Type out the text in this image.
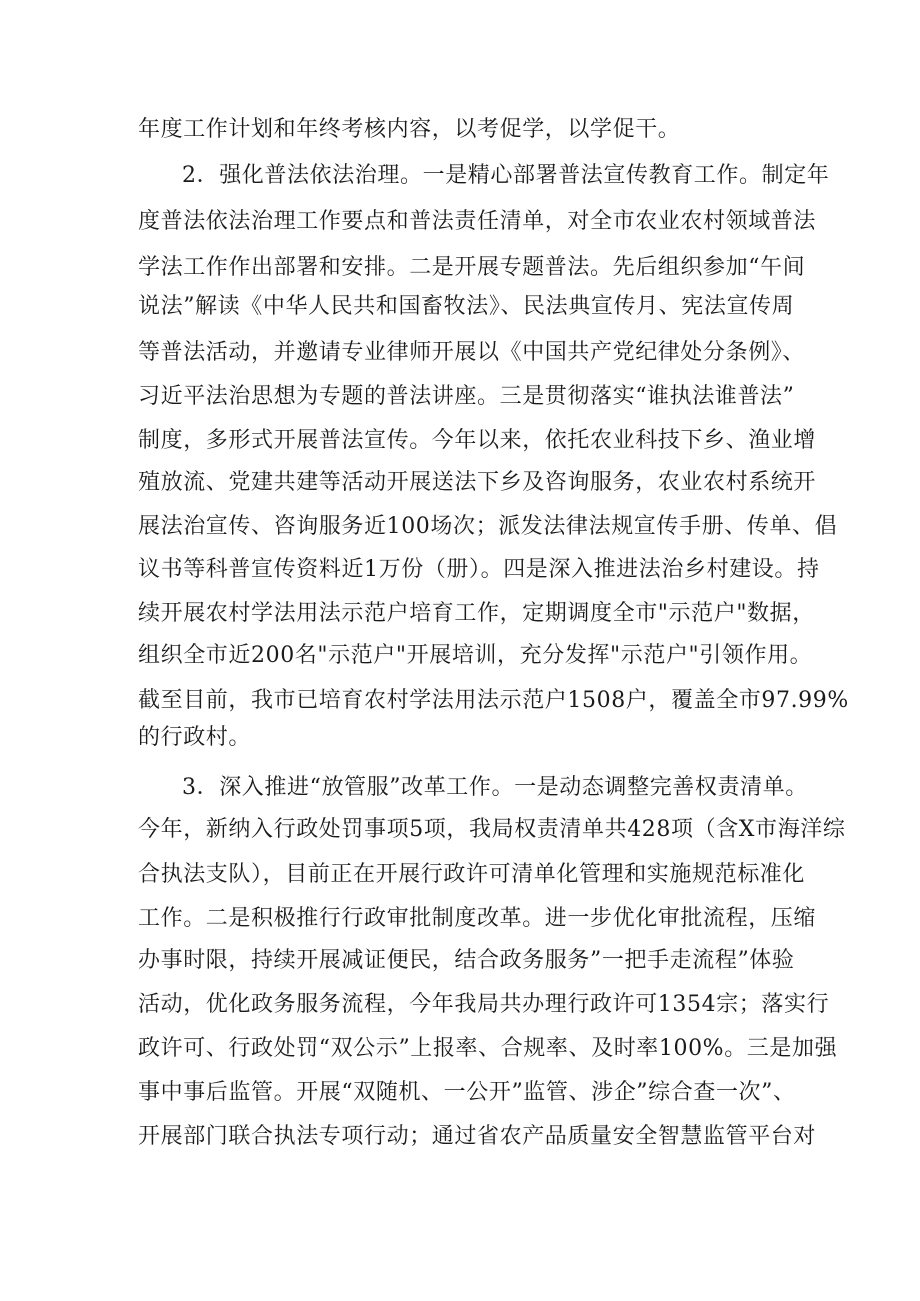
年度工作计划和年终考核内容，以考促学，以学促干。
2．强化普法依法治理。一是精心部署普法宣传教育工作。制定年
度普法依法治理工作要点和普法责任清单，对全市农业农村领域普法
学法工作作出部署和安排。二是开展专题普法。先后组织参加“午间
说法”解读《中华人民共和国畜牧法》、民法典宣传月、宪法宣传周
等普法活动，并邀请专业律师开展以《中国共产党纪律处分条例》、
习近平法治思想为专题的普法讲座。三是贯彻落实“谁执法谁普法”
制度，多形式开展普法宣传。今年以来，依托农业科技下乡、渔业增
殖放流、党建共建等活动开展送法下乡及咨询服务，农业农村系统开
展法治宣传、咨询服务近100场次；派发法律法规宣传手册、传单、倡
议书等科普宣传资料近1万份（册）。四是深入推进法治乡村建设。持
续开展农村学法用法示范户培育工作，定期调度全市"示范户"数据，
组织全市近200名"示范户"开展培训，充分发挥"示范户"引领作用。
截至目前，我市已培育农村学法用法示范户1508户，覆盖全市97.99%
的行政村。
3．深入推进“放管服”改革工作。一是动态调整完善权责清单。
今年，新纳入行政处罚事项5项，我局权责清单共428项（含X市海洋综
合执法支队），目前正在开展行政许可清单化管理和实施规范标准化
工作。二是积极推行行政审批制度改革。进一步优化审批流程，压缩
办事时限，持续开展减证便民，结合政务服务”一把手走流程”体验
活动，优化政务服务流程，今年我局共办理行政许可1354宗；落实行
政许可、行政处罚“双公示”上报率、合规率、及时率100%。三是加强
事中事后监管。开展“双随机、一公开”监管、涉企”综合查一次”、
开展部门联合执法专项行动；通过省农产品质量安全智慧监管平台对
